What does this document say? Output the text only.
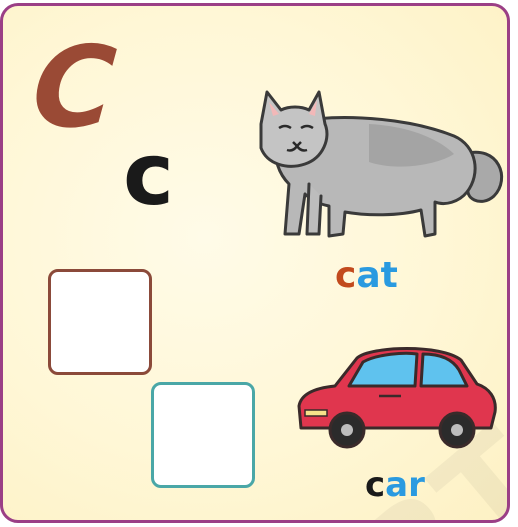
C

c

cat

car
